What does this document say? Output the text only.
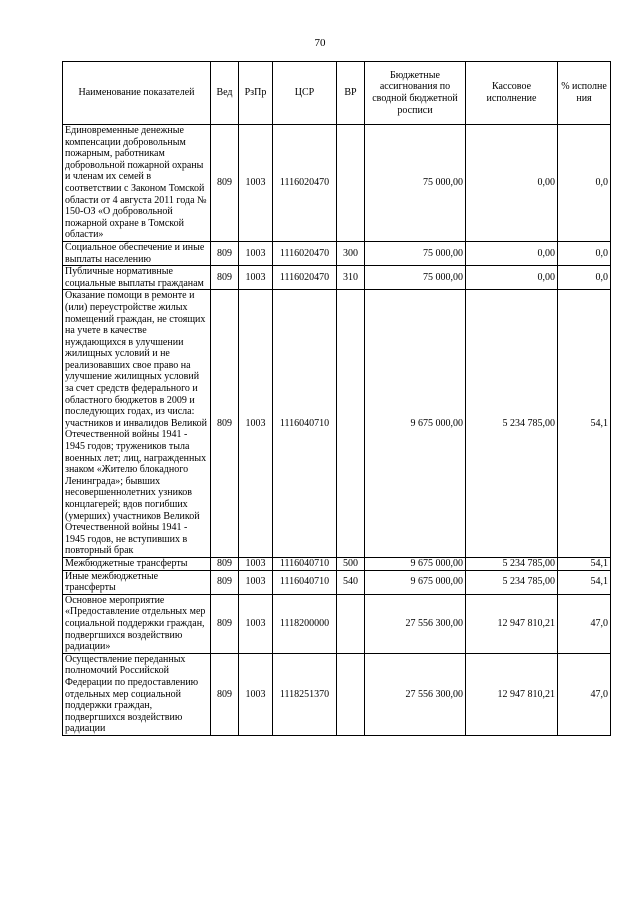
70
Наименование показателей	Вед	РзПр	ЦСР	ВР	Бюджетные ассигнования по сводной бюджетной росписи	Кассовое исполнение	% исполне ния
Единовременные денежные компенсации добровольным пожарным, работникам добровольной пожарной охраны и членам их семей в соответствии с Законом Томской области от 4 августа 2011 года № 150-ОЗ «О добровольной пожарной охране в Томской области»	809	1003	1116020470		75 000,00	0,00	0,0
Социальное обеспечение и иные выплаты населению	809	1003	1116020470	300	75 000,00	0,00	0,0
Публичные нормативные социальные выплаты гражданам	809	1003	1116020470	310	75 000,00	0,00	0,0
Оказание помощи в ремонте и (или) переустройстве жилых помещений граждан, не стоящих на учете в качестве нуждающихся в улучшении жилищных условий и не реализовавших свое право на улучшение жилищных условий за счет средств федерального и областного бюджетов в 2009 и последующих годах, из числа: участников и инвалидов Великой Отечественной войны 1941 - 1945 годов; тружеников тыла военных лет; лиц, награжденных знаком «Жителю блокадного Ленинграда»; бывших несовершеннолетних узников концлагерей; вдов погибших (умерших) участников Великой Отечественной войны 1941 - 1945 годов, не вступивших в повторный брак	809	1003	1116040710		9 675 000,00	5 234 785,00	54,1
Межбюджетные трансферты	809	1003	1116040710	500	9 675 000,00	5 234 785,00	54,1
Иные межбюджетные трансферты	809	1003	1116040710	540	9 675 000,00	5 234 785,00	54,1
Основное мероприятие «Предоставление отдельных мер социальной поддержки граждан, подвергшихся воздействию радиации»	809	1003	1118200000		27 556 300,00	12 947 810,21	47,0
Осуществление переданных полномочий Российской Федерации по предоставлению отдельных мер социальной поддержки граждан, подвергшихся воздействию радиации	809	1003	1118251370		27 556 300,00	12 947 810,21	47,0
